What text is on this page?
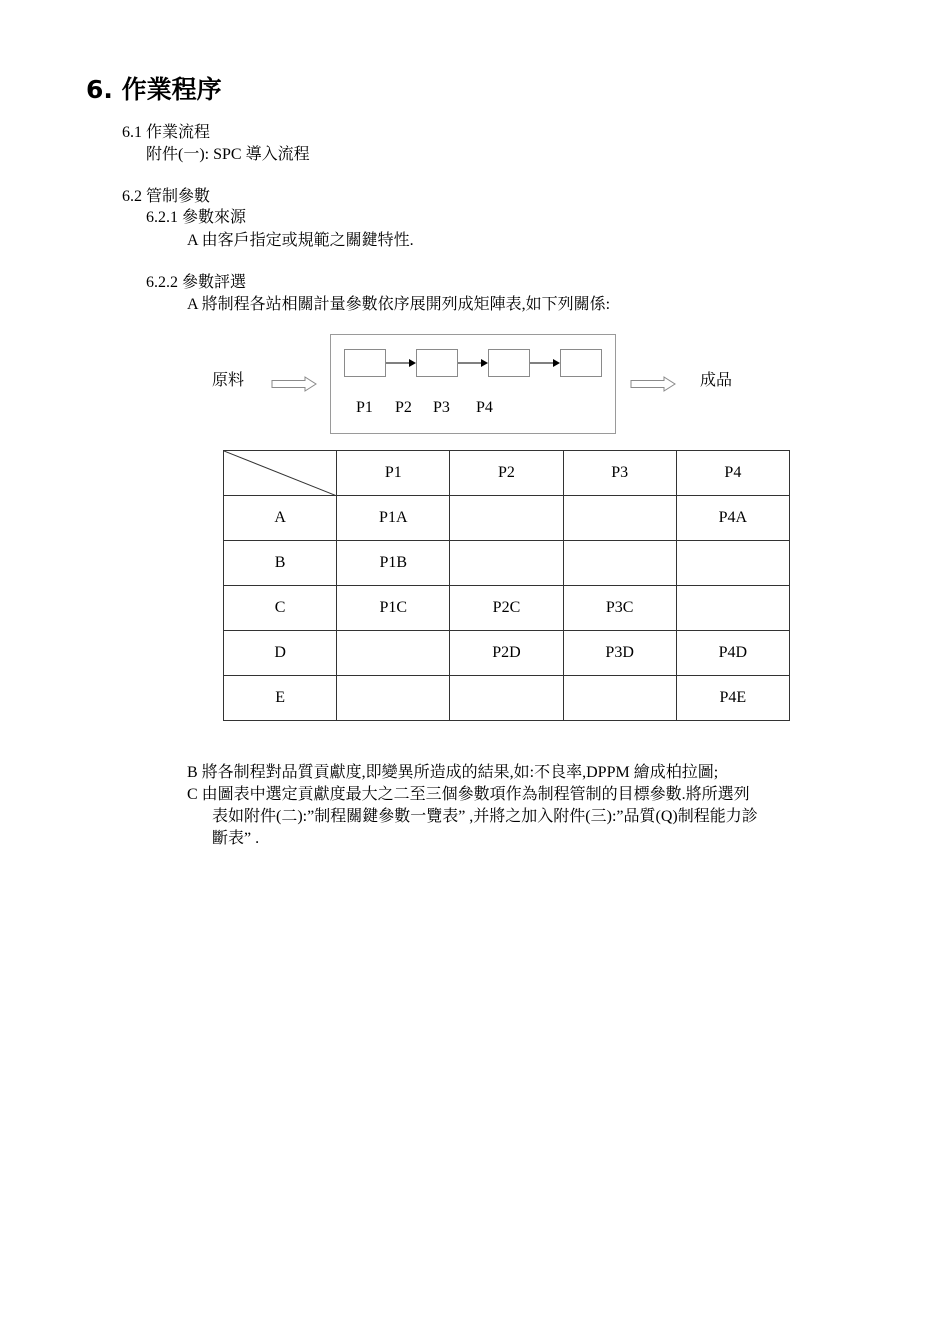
6. 作業程序
6.1 作業流程
附件(一): SPC 導入流程
6.2 管制參數
6.2.1 參數來源
A 由客戶指定或規範之關鍵特性.
6.2.2 參數評選
A 將制程各站相關計量參數依序展開列成矩陣表,如下列關係:
原料
P1 P2 P3 P4
成品
	P1	P2	P3	P4
A	P1A			P4A
B	P1B			
C	P1C	P2C	P3C	
D		P2D	P3D	P4D
E				P4E
B 將各制程對品質貢獻度,即變異所造成的結果,如:不良率,DPPM 繪成柏拉圖;
C 由圖表中選定貢獻度最大之二至三個參數項作為制程管制的目標參數.將所選列
表如附件(二):”制程關鍵參數一覽表” ,并將之加入附件(三):”品質(Q)制程能力診
斷表” .
